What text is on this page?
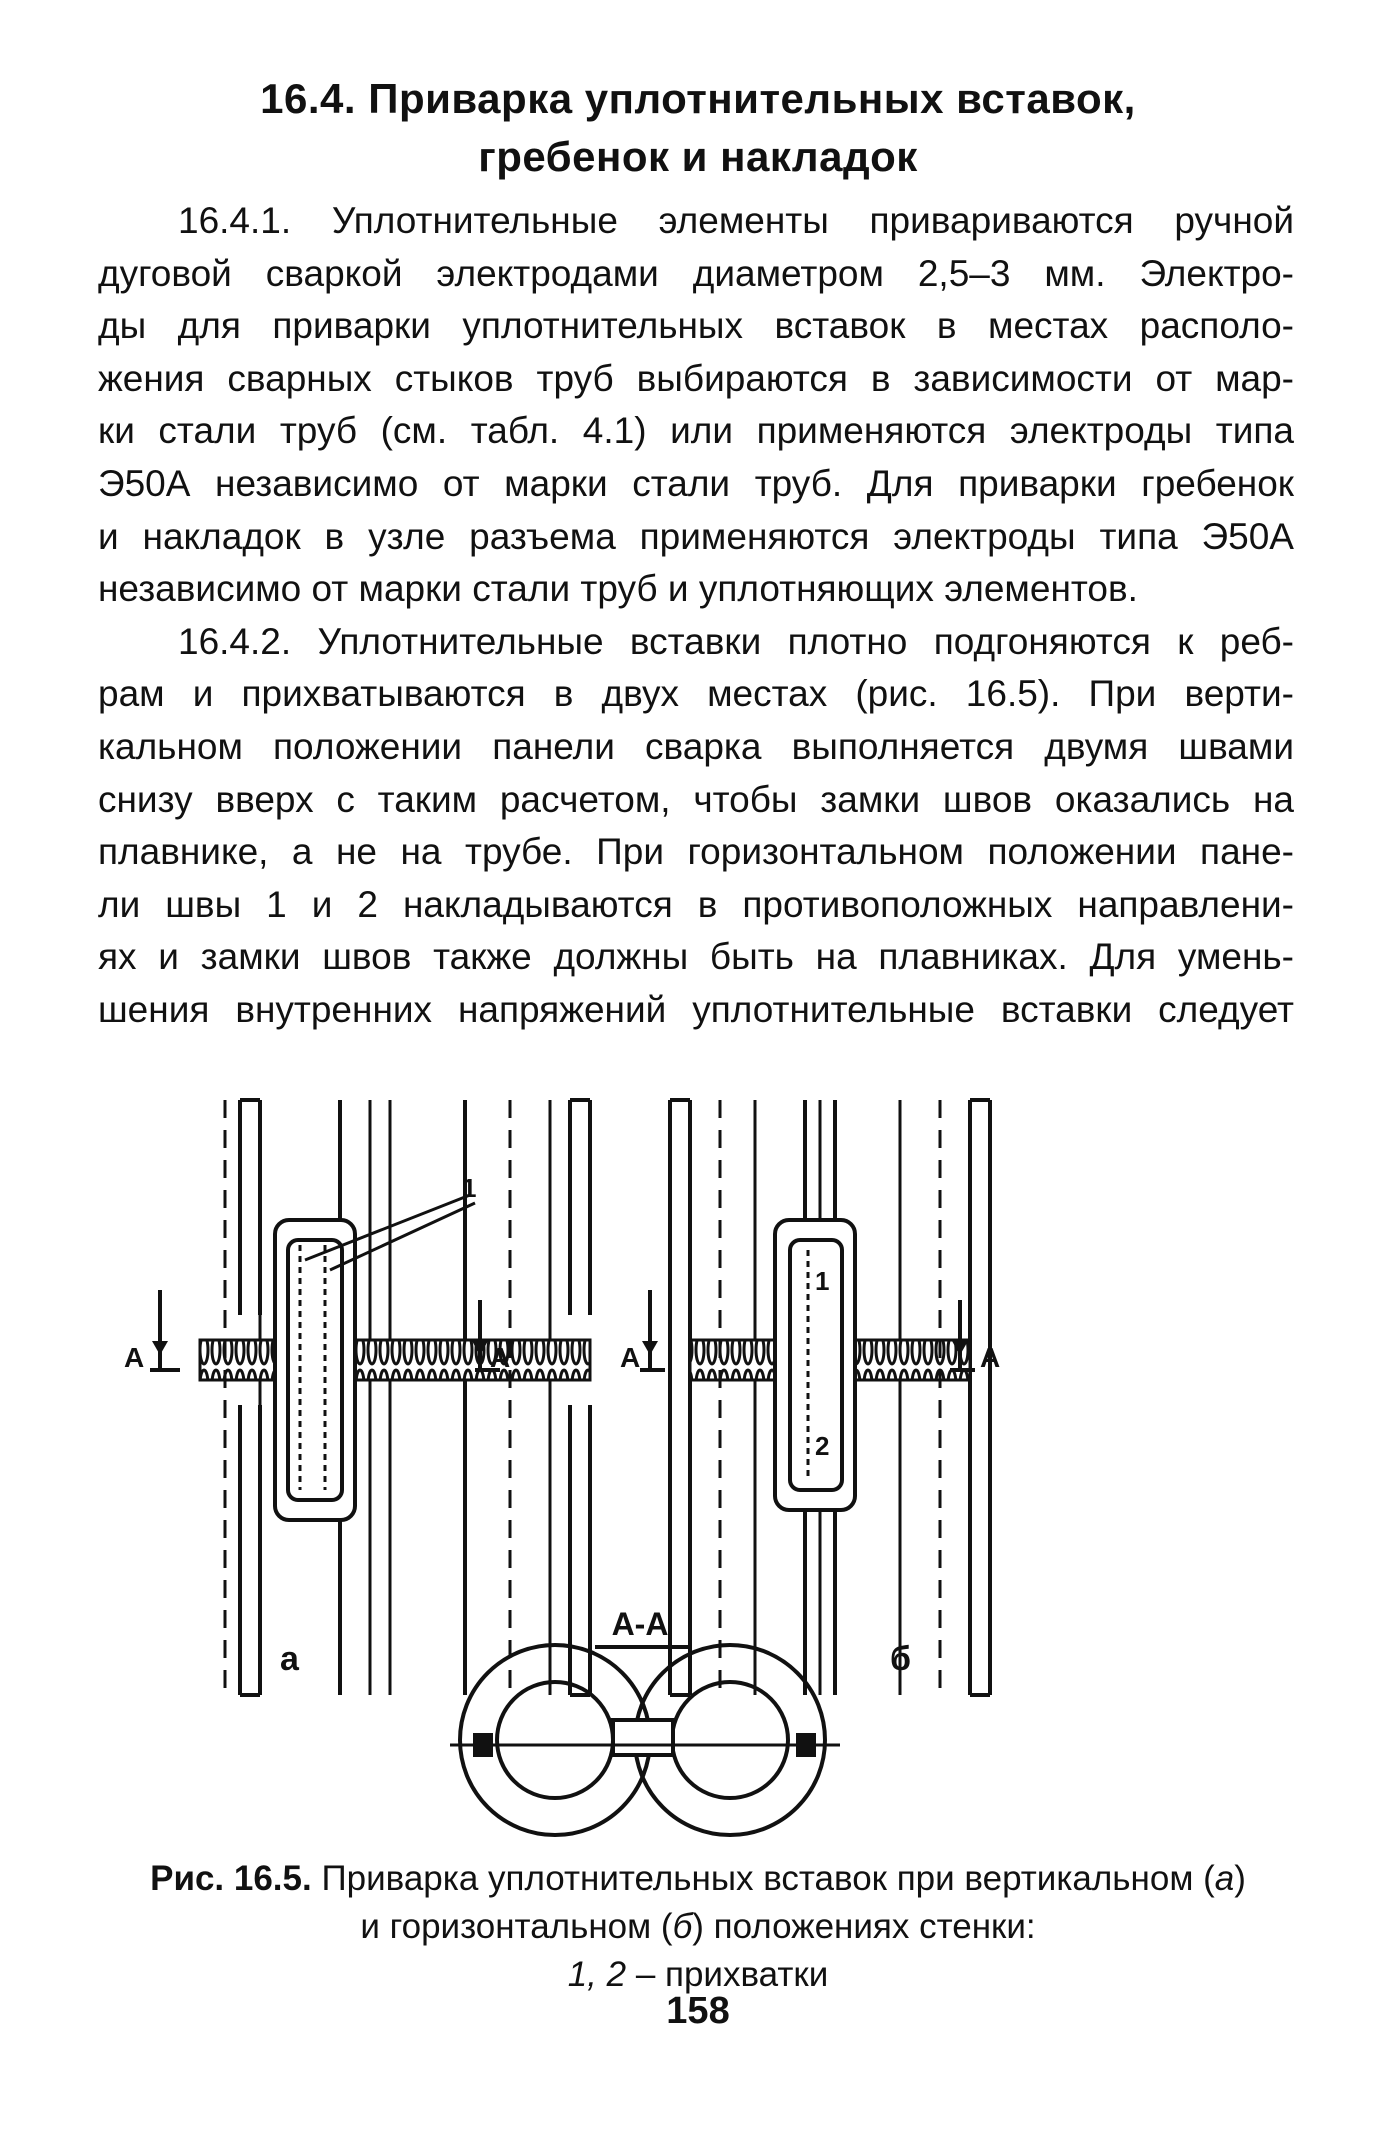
16.4. Приварка уплотнительных вставок,
гребенок и накладок
16.4.1. Уплотнительные элементы привариваются ручной
дуговой сваркой электродами диаметром 2,5–3 мм. Электро-
ды для приварки уплотнительных вставок в местах располо-
жения сварных стыков труб выбираются в зависимости от мар-
ки стали труб (см. табл. 4.1) или применяются электроды типа
Э50А независимо от марки стали труб. Для приварки гребенок
и накладок в узле разъема применяются электроды типа Э50А
независимо от марки стали труб и уплотняющих элементов.
16.4.2. Уплотнительные вставки плотно подгоняются к реб-
рам и прихватываются в двух местах (рис. 16.5). При верти-
кальном положении панели сварка выполняется двумя швами
снизу вверх с таким расчетом, чтобы замки швов оказались на
плавнике, а не на трубе. При горизонтальном положении пане-
ли швы 1 и 2 накладываются в противоположных направлени-
ях и замки швов также должны быть на плавниках. Для умень-
шения внутренних напряжений уплотнительные вставки следует
1
А	А
а
1
2
А	А
б
А-А
Рис. 16.5. Приварка уплотнительных вставок при вертикальном (а)
и горизонтальном (б) положениях стенки:
1, 2 – прихватки
158
